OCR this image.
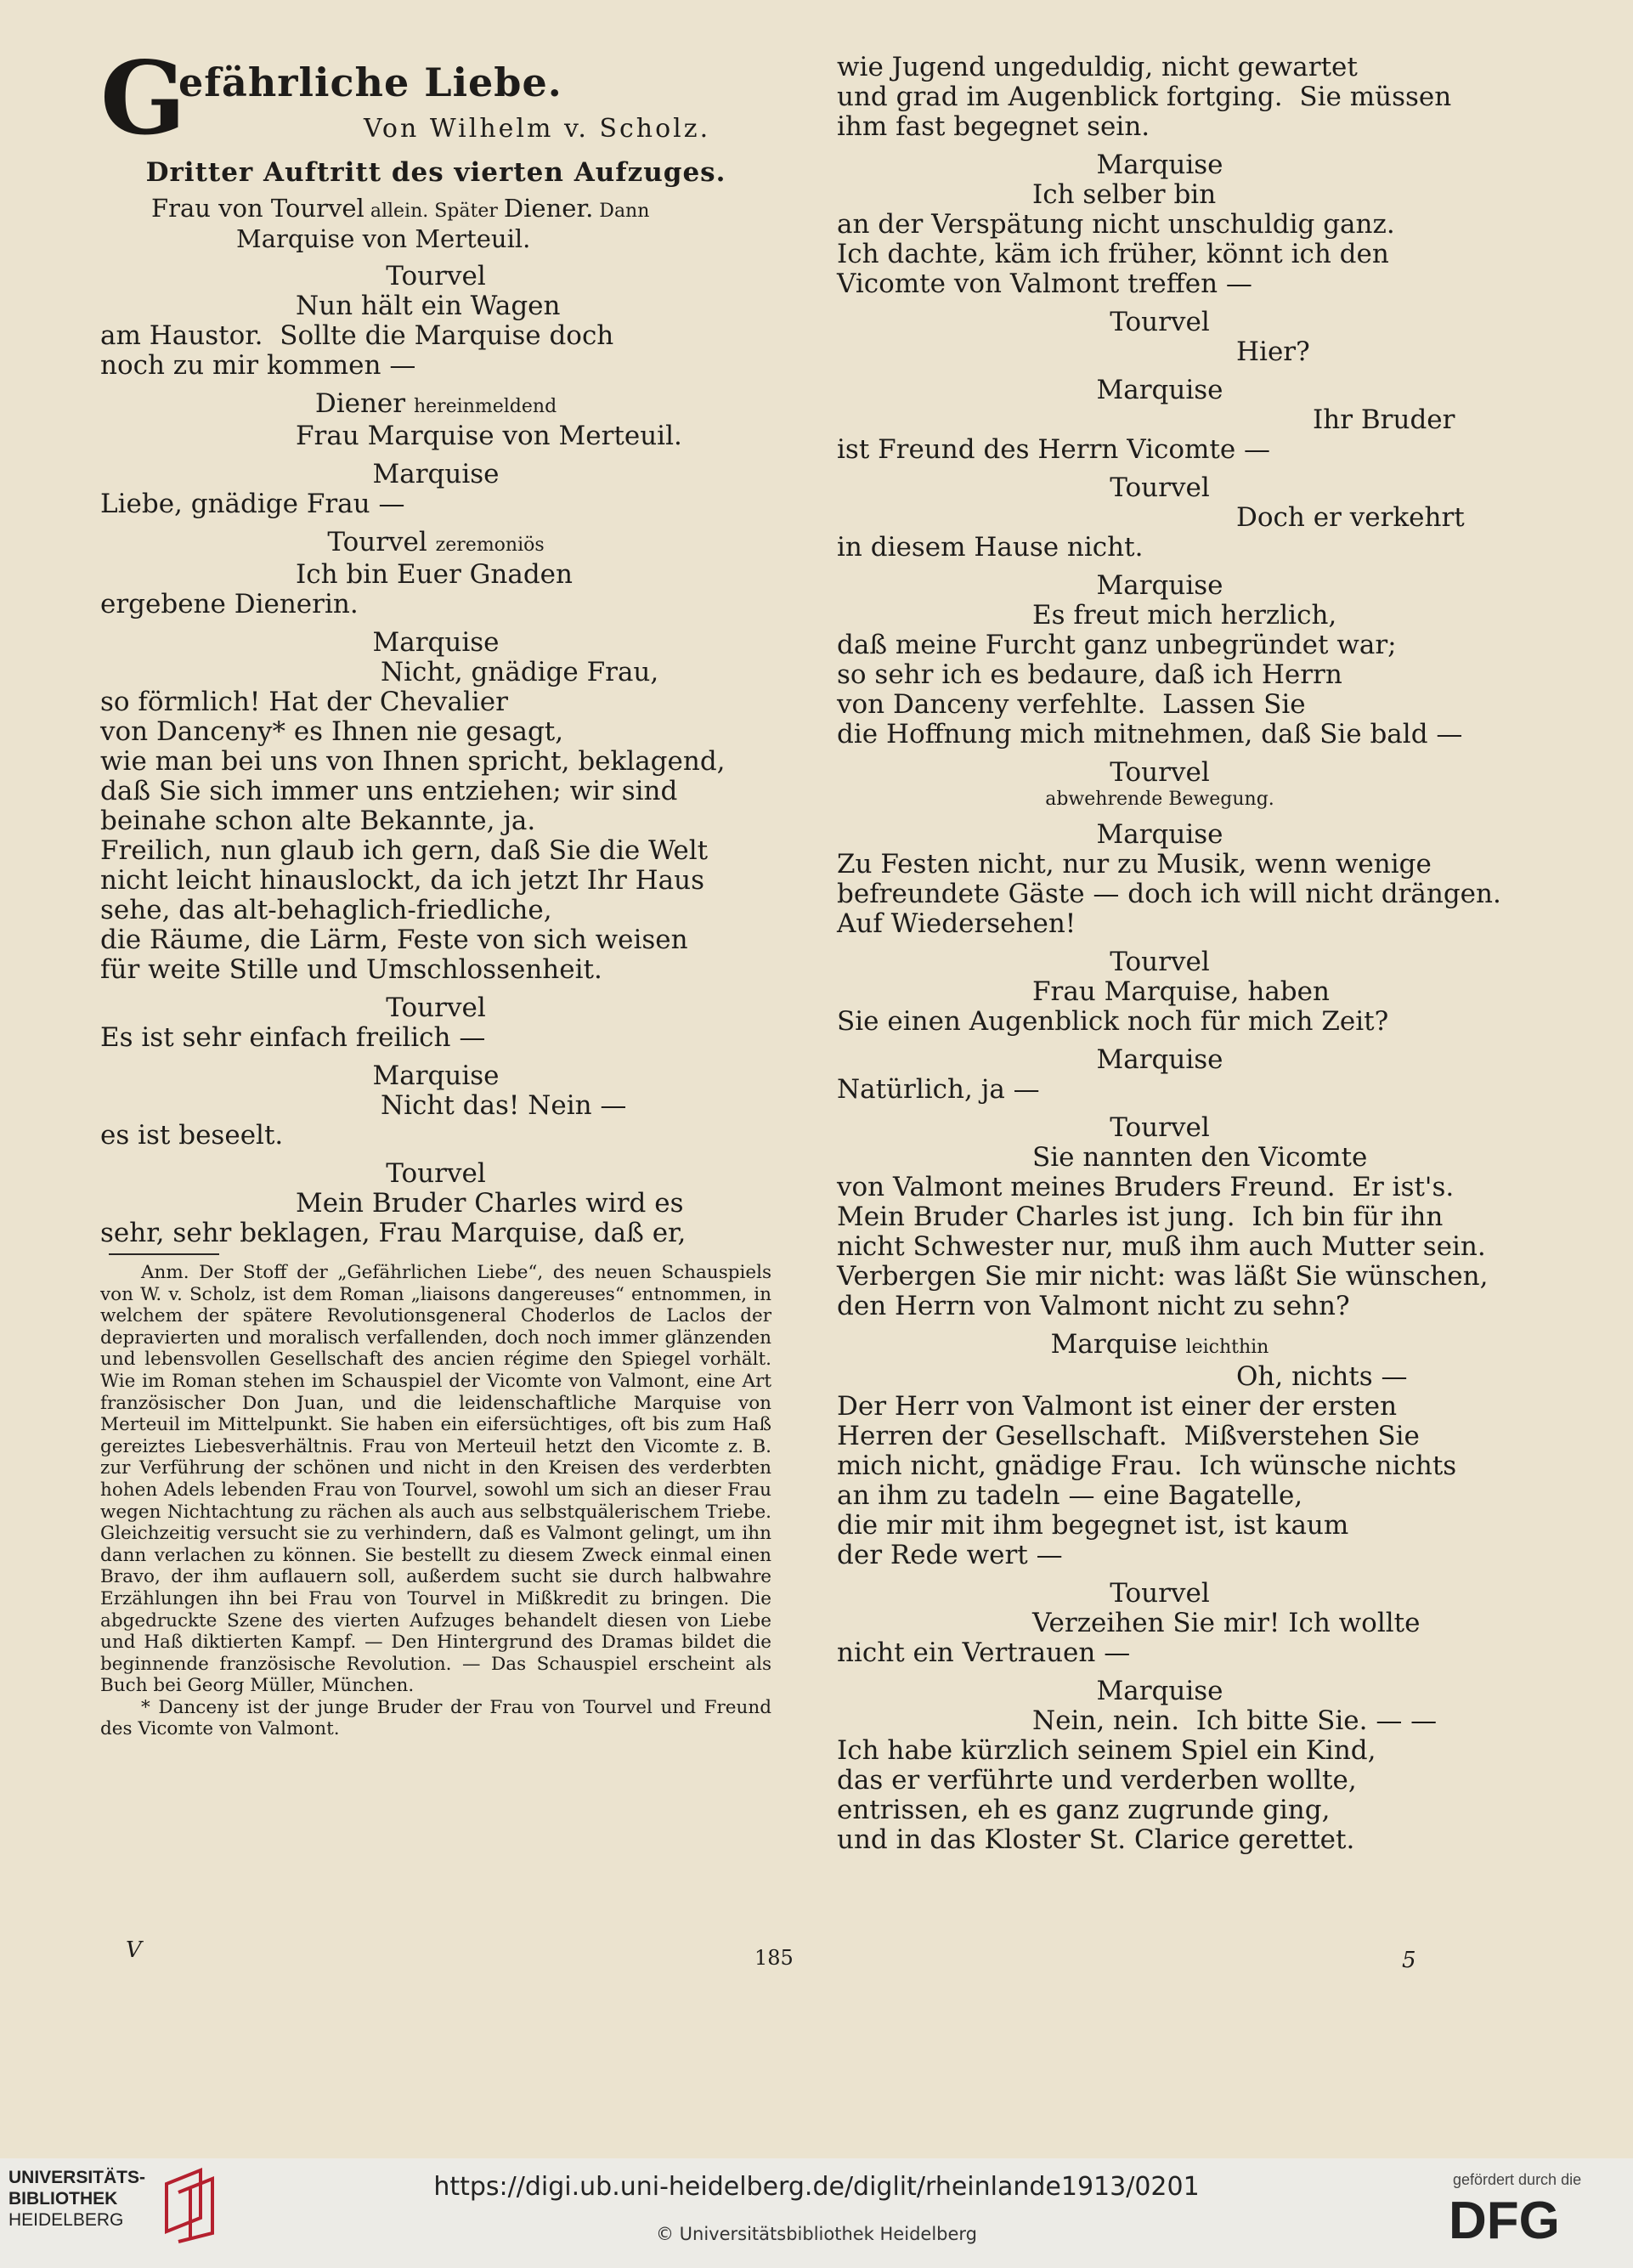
G
efährliche Liebe.
Von Wilhelm v. Scholz.
Dritter Auftritt des vierten Aufzuges.
Frau von Tourvel allein. Später Diener. Dann
Marquise von Merteuil.
Tourvel
Nun hält ein Wagen
am Haustor.  Sollte die Marquise doch
noch zu mir kommen —
Diener hereinmeldend
Frau Marquise von Merteuil.
Marquise
Liebe, gnädige Frau —
Tourvel zeremoniös
Ich bin Euer Gnaden
ergebene Dienerin.
Marquise
Nicht, gnädige Frau,
so förmlich! Hat der Chevalier
von Danceny* es Ihnen nie gesagt,
wie man bei uns von Ihnen spricht, beklagend,
daß Sie sich immer uns entziehen; wir sind
beinahe schon alte Bekannte, ja.
Freilich, nun glaub ich gern, daß Sie die Welt
nicht leicht hinauslockt, da ich jetzt Ihr Haus
sehe, das alt-behaglich-friedliche,
die Räume, die Lärm, Feste von sich weisen
für weite Stille und Umschlossenheit.
Tourvel
Es ist sehr einfach freilich —
Marquise
Nicht das! Nein —
es ist beseelt.
Tourvel
Mein Bruder Charles wird es
sehr, sehr beklagen, Frau Marquise, daß er,
Anm. Der Stoff der „Gefährlichen Liebe“, des neuen Schauspiels von W. v. Scholz, ist dem Roman „liaisons dangereuses“ entnommen, in welchem der spätere Revolutionsgeneral Choderlos de Laclos der depravierten und moralisch verfallenden, doch noch immer glänzenden und lebensvollen Gesellschaft des ancien régime den Spiegel vorhält. Wie im Roman stehen im Schauspiel der Vicomte von Valmont, eine Art französischer Don Juan, und die leidenschaftliche Marquise von Merteuil im Mittelpunkt. Sie haben ein eifersüchtiges, oft bis zum Haß gereiztes Liebesverhältnis. Frau von Merteuil hetzt den Vicomte z. B. zur Verführung der schönen und nicht in den Kreisen des verderbten hohen Adels lebenden Frau von Tourvel, sowohl um sich an dieser Frau wegen Nichtachtung zu rächen als auch aus selbstquälerischem Triebe. Gleichzeitig versucht sie zu verhindern, daß es Valmont gelingt, um ihn dann verlachen zu können. Sie bestellt zu diesem Zweck einmal einen Bravo, der ihm auflauern soll, außerdem sucht sie durch halbwahre Erzählungen ihn bei Frau von Tourvel in Mißkredit zu bringen. Die abgedruckte Szene des vierten Aufzuges behandelt diesen von Liebe und Haß diktierten Kampf. — Den Hintergrund des Dramas bildet die beginnende französische Revolution. — Das Schauspiel erscheint als Buch bei Georg Müller, München.
* Danceny ist der junge Bruder der Frau von Tourvel und Freund des Vicomte von Valmont.
wie Jugend ungeduldig, nicht gewartet
und grad im Augenblick fortging.  Sie müssen
ihm fast begegnet sein.
Marquise
Ich selber bin
an der Verspätung nicht unschuldig ganz.
Ich dachte, käm ich früher, könnt ich den
Vicomte von Valmont treffen —
Tourvel
Hier?
Marquise
Ihr Bruder
ist Freund des Herrn Vicomte —
Tourvel
Doch er verkehrt
in diesem Hause nicht.
Marquise
Es freut mich herzlich,
daß meine Furcht ganz unbegründet war;
so sehr ich es bedaure, daß ich Herrn
von Danceny verfehlte.  Lassen Sie
die Hoffnung mich mitnehmen, daß Sie bald —
Tourvel
abwehrende Bewegung.
Marquise
Zu Festen nicht, nur zu Musik, wenn wenige
befreundete Gäste — doch ich will nicht drängen.
Auf Wiedersehen!
Tourvel
Frau Marquise, haben
Sie einen Augenblick noch für mich Zeit?
Marquise
Natürlich, ja —
Tourvel
Sie nannten den Vicomte
von Valmont meines Bruders Freund.  Er ist's.
Mein Bruder Charles ist jung.  Ich bin für ihn
nicht Schwester nur, muß ihm auch Mutter sein.
Verbergen Sie mir nicht: was läßt Sie wünschen,
den Herrn von Valmont nicht zu sehn?
Marquise leichthin
Oh, nichts —
Der Herr von Valmont ist einer der ersten
Herren der Gesellschaft.  Mißverstehen Sie
mich nicht, gnädige Frau.  Ich wünsche nichts
an ihm zu tadeln — eine Bagatelle,
die mir mit ihm begegnet ist, ist kaum
der Rede wert —
Tourvel
Verzeihen Sie mir! Ich wollte
nicht ein Vertrauen —
Marquise
Nein, nein.  Ich bitte Sie. — —
Ich habe kürzlich seinem Spiel ein Kind,
das er verführte und verderben wollte,
entrissen, eh es ganz zugrunde ging,
und in das Kloster St. Clarice gerettet.
V	185	5
UNIVERSITÄTS-
BIBLIOTHEK
HEIDELBERG
https://digi.ub.uni-heidelberg.de/diglit/rheinlande1913/0201
© Universitätsbibliothek Heidelberg
gefördert durch die
DFG
